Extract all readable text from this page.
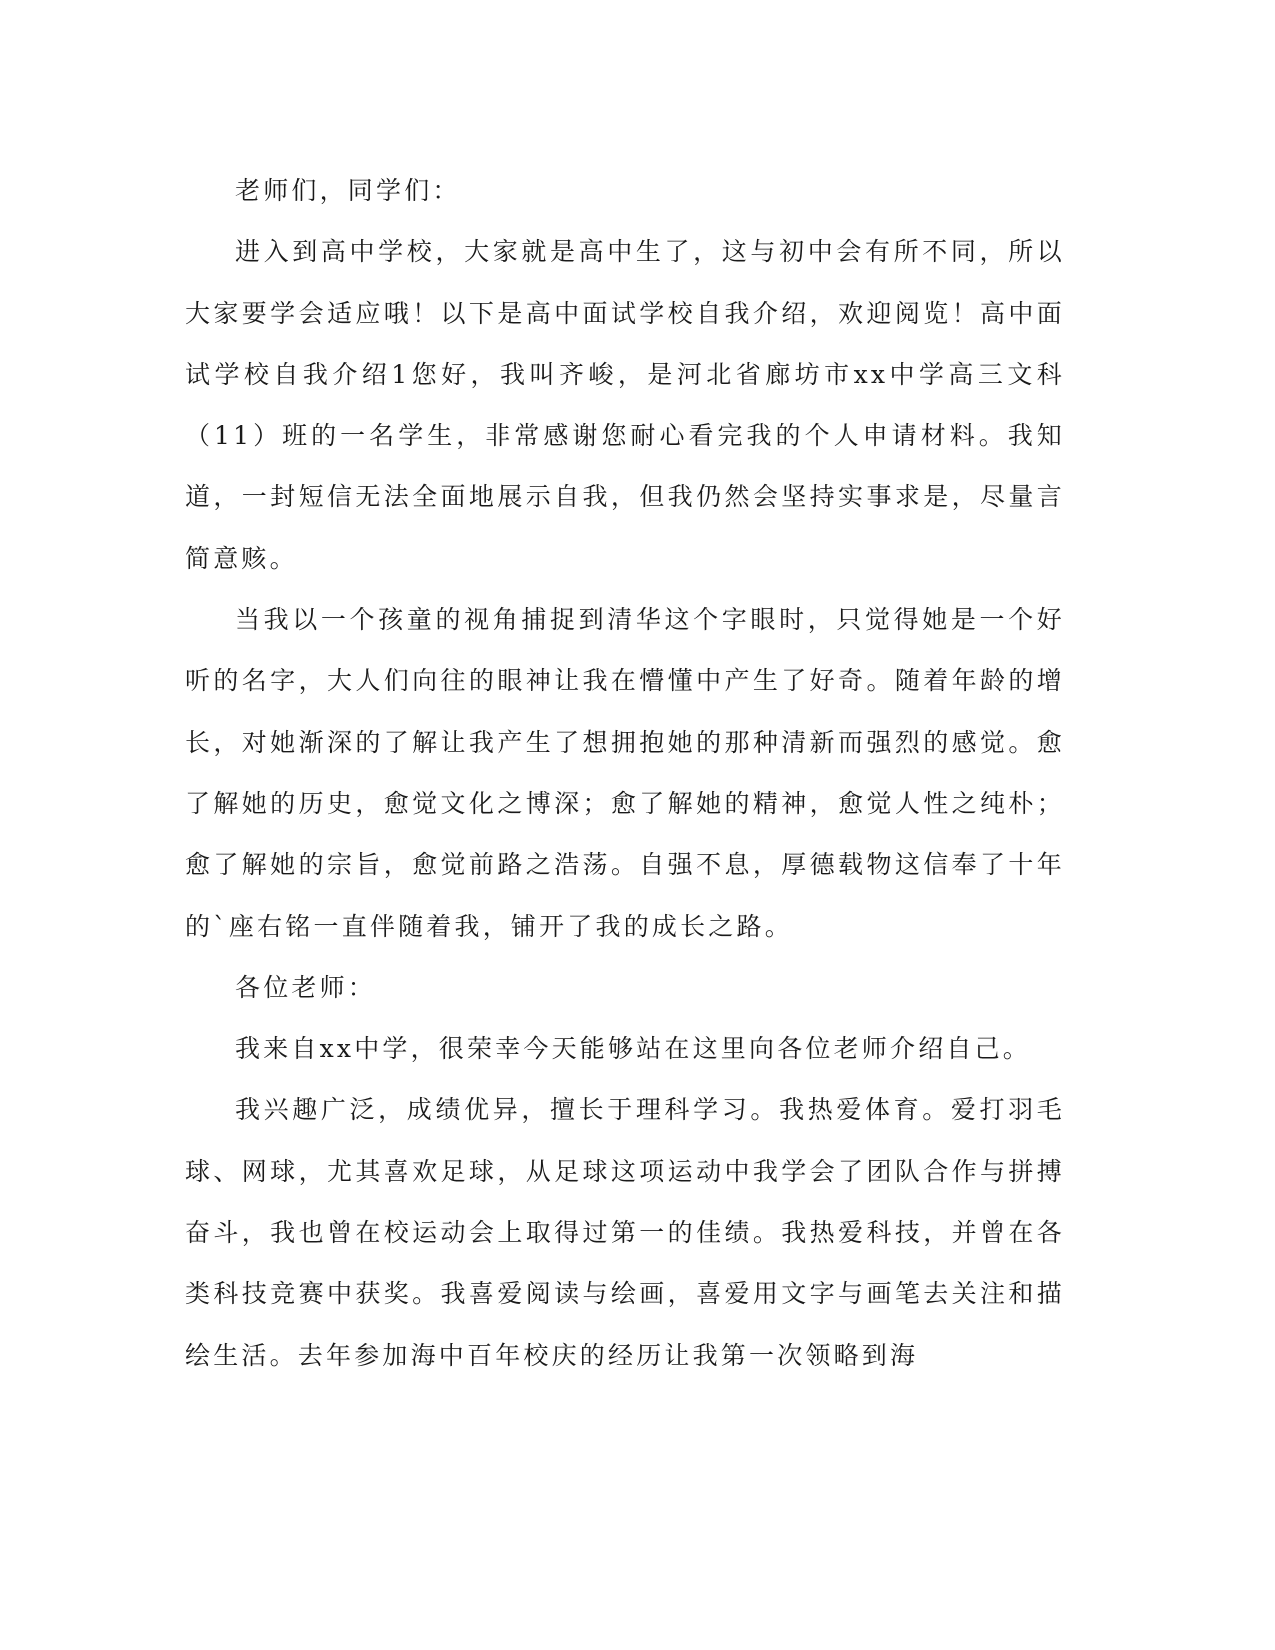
老师们，同学们：

进入到高中学校，大家就是高中生了，这与初中会有所不同，所以大家要学会适应哦！以下是高中面试学校自我介绍，欢迎阅览！高中面试学校自我介绍1您好，我叫齐峻，是河北省廊坊市xx中学高三文科（11）班的一名学生，非常感谢您耐心看完我的个人申请材料。我知道，一封短信无法全面地展示自我，但我仍然会坚持实事求是，尽量言简意赅。

当我以一个孩童的视角捕捉到清华这个字眼时，只觉得她是一个好听的名字，大人们向往的眼神让我在懵懂中产生了好奇。随着年龄的增长，对她渐深的了解让我产生了想拥抱她的那种清新而强烈的感觉。愈了解她的历史，愈觉文化之博深；愈了解她的精神，愈觉人性之纯朴；愈了解她的宗旨，愈觉前路之浩荡。自强不息，厚德载物这信奉了十年的`座右铭一直伴随着我，铺开了我的成长之路。

各位老师：

我来自xx中学，很荣幸今天能够站在这里向各位老师介绍自己。

我兴趣广泛，成绩优异，擅长于理科学习。我热爱体育。爱打羽毛球、网球，尤其喜欢足球，从足球这项运动中我学会了团队合作与拼搏奋斗，我也曾在校运动会上取得过第一的佳绩。我热爱科技，并曾在各类科技竞赛中获奖。我喜爱阅读与绘画，喜爱用文字与画笔去关注和描绘生活。去年参加海中百年校庆的经历让我第一次领略到海
